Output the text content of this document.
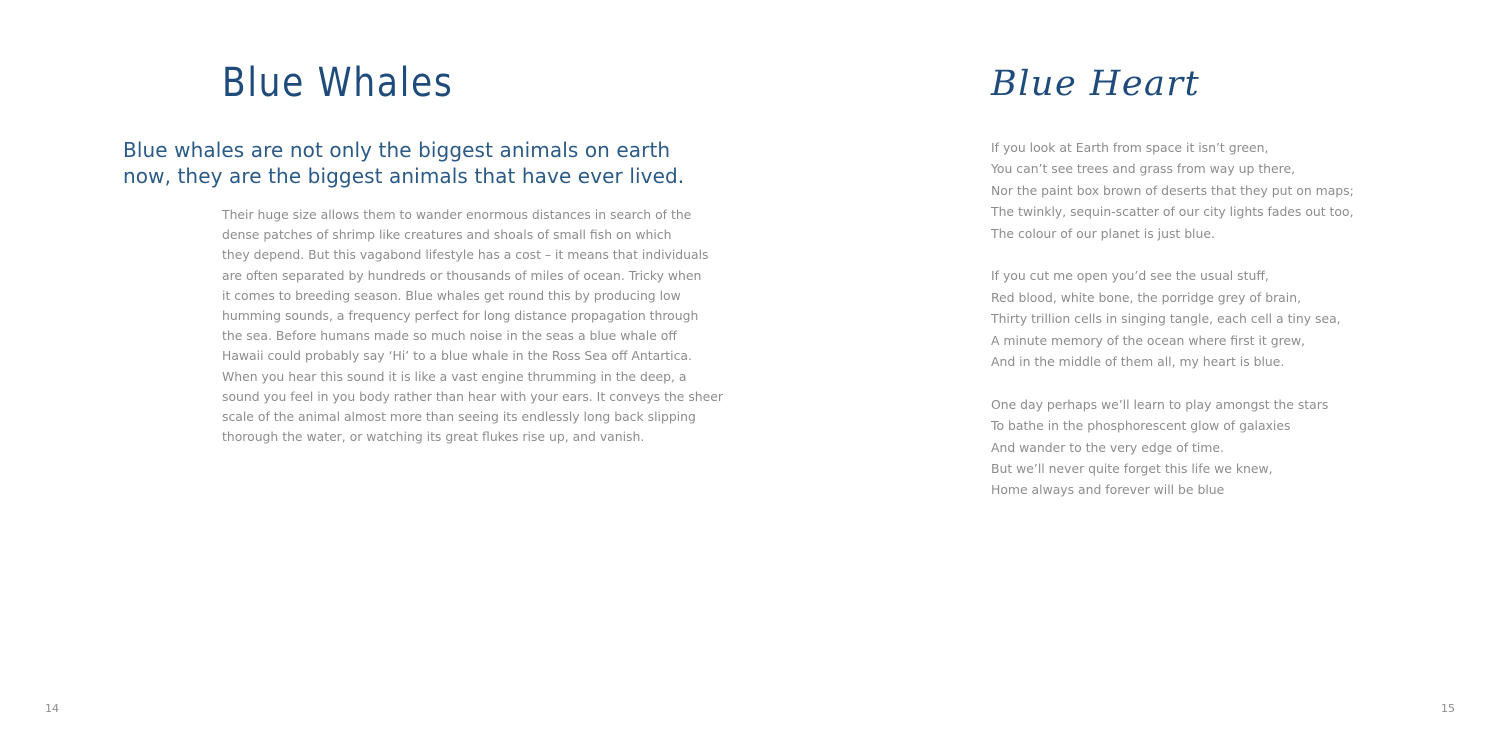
Blue Whales
Blue whales are not only the biggest animals on earth
now, they are the biggest animals that have ever lived.
Their huge size allows them to wander enormous distances in search of the
dense patches of shrimp like creatures and shoals of small fish on which
they depend. But this vagabond lifestyle has a cost – it means that individuals
are often separated by hundreds or thousands of miles of ocean. Tricky when
it comes to breeding season. Blue whales get round this by producing low
humming sounds, a frequency perfect for long distance propagation through
the sea. Before humans made so much noise in the seas a blue whale off
Hawaii could probably say ‘Hi’ to a blue whale in the Ross Sea off Antartica.
When you hear this sound it is like a vast engine thrumming in the deep, a
sound you feel in you body rather than hear with your ears. It conveys the sheer
scale of the animal almost more than seeing its endlessly long back slipping
thorough the water, or watching its great flukes rise up, and vanish.
14
Blue Heart
If you look at Earth from space it isn’t green,
You can’t see trees and grass from way up there,
Nor the paint box brown of deserts that they put on maps;
The twinkly, sequin-scatter of our city lights fades out too,
The colour of our planet is just blue.
If you cut me open you’d see the usual stuff,
Red blood, white bone, the porridge grey of brain,
Thirty trillion cells in singing tangle, each cell a tiny sea,
A minute memory of the ocean where first it grew,
And in the middle of them all, my heart is blue.
One day perhaps we’ll learn to play amongst the stars
To bathe in the phosphorescent glow of galaxies
And wander to the very edge of time.
But we’ll never quite forget this life we knew,
Home always and forever will be blue
15
